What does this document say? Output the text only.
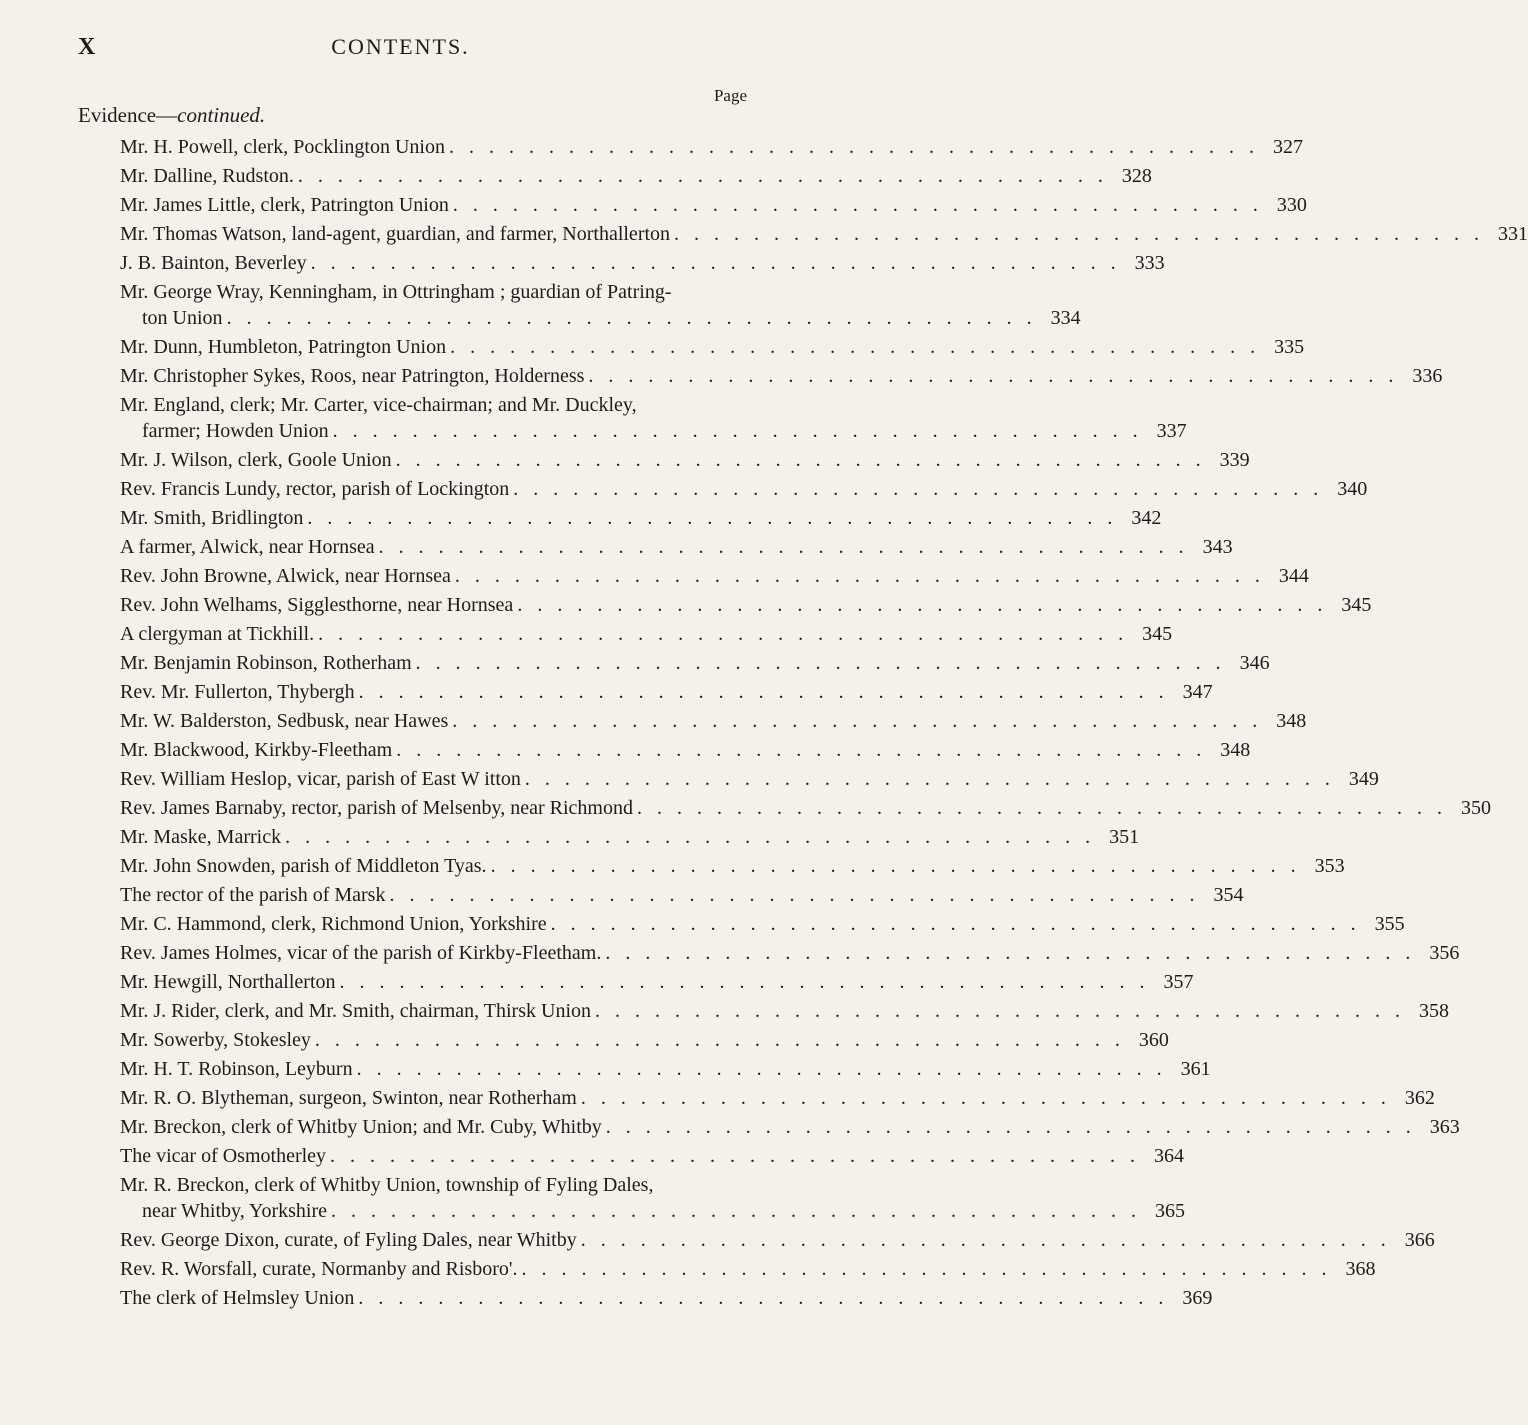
X	CONTENTS.
Page
Evidence—continued.
Mr. H. Powell, clerk, Pocklington Union . . . . . . . . . . . . . . . . . . . . . . . . . . . . . . . . . . . . . . . . . 327
Mr. Dalline, Rudston. . . . . . . . . . . . . . . . . . . . . . . . . . . . . . . . . . . . . . . . . . 328
Mr. James Little, clerk, Patrington Union . . . . . . . . . . . . . . . . . . . . . . . . . . . . . . . . . . . . . . . . . 330
Mr. Thomas Watson, land-agent, guardian, and farmer, Northallerton . . . . . . . . . . . . . . . . . . . . . . . . . . . . . . . . . . . . . . . . . 331
J. B. Bainton, Beverley . . . . . . . . . . . . . . . . . . . . . . . . . . . . . . . . . . . . . . . . . 333
Mr. George Wray, Kenningham, in Ottringham ; guardian of Patring-
ton Union . . . . . . . . . . . . . . . . . . . . . . . . . . . . . . . . . . . . . . . . . 334
Mr. Dunn, Humbleton, Patrington Union . . . . . . . . . . . . . . . . . . . . . . . . . . . . . . . . . . . . . . . . . 335
Mr. Christopher Sykes, Roos, near Patrington, Holderness . . . . . . . . . . . . . . . . . . . . . . . . . . . . . . . . . . . . . . . . . 336
Mr. England, clerk; Mr. Carter, vice-chairman; and Mr. Duckley,
farmer; Howden Union . . . . . . . . . . . . . . . . . . . . . . . . . . . . . . . . . . . . . . . . . 337
Mr. J. Wilson, clerk, Goole Union . . . . . . . . . . . . . . . . . . . . . . . . . . . . . . . . . . . . . . . . . 339
Rev. Francis Lundy, rector, parish of Lockington . . . . . . . . . . . . . . . . . . . . . . . . . . . . . . . . . . . . . . . . . 340
Mr. Smith, Bridlington . . . . . . . . . . . . . . . . . . . . . . . . . . . . . . . . . . . . . . . . . 342
A farmer, Alwick, near Hornsea . . . . . . . . . . . . . . . . . . . . . . . . . . . . . . . . . . . . . . . . . 343
Rev. John Browne, Alwick, near Hornsea . . . . . . . . . . . . . . . . . . . . . . . . . . . . . . . . . . . . . . . . . 344
Rev. John Welhams, Sigglesthorne, near Hornsea . . . . . . . . . . . . . . . . . . . . . . . . . . . . . . . . . . . . . . . . . 345
A clergyman at Tickhill. . . . . . . . . . . . . . . . . . . . . . . . . . . . . . . . . . . . . . . . . . 345
Mr. Benjamin Robinson, Rotherham . . . . . . . . . . . . . . . . . . . . . . . . . . . . . . . . . . . . . . . . . 346
Rev. Mr. Fullerton, Thybergh . . . . . . . . . . . . . . . . . . . . . . . . . . . . . . . . . . . . . . . . . 347
Mr. W. Balderston, Sedbusk, near Hawes . . . . . . . . . . . . . . . . . . . . . . . . . . . . . . . . . . . . . . . . . 348
Mr. Blackwood, Kirkby-Fleetham . . . . . . . . . . . . . . . . . . . . . . . . . . . . . . . . . . . . . . . . . 348
Rev. William Heslop, vicar, parish of East W itton . . . . . . . . . . . . . . . . . . . . . . . . . . . . . . . . . . . . . . . . . 349
Rev. James Barnaby, rector, parish of Melsenby, near Richmond . . . . . . . . . . . . . . . . . . . . . . . . . . . . . . . . . . . . . . . . . 350
Mr. Maske, Marrick . . . . . . . . . . . . . . . . . . . . . . . . . . . . . . . . . . . . . . . . . 351
Mr. John Snowden, parish of Middleton Tyas. . . . . . . . . . . . . . . . . . . . . . . . . . . . . . . . . . . . . . . . . . 353
The rector of the parish of Marsk . . . . . . . . . . . . . . . . . . . . . . . . . . . . . . . . . . . . . . . . . 354
Mr. C. Hammond, clerk, Richmond Union, Yorkshire . . . . . . . . . . . . . . . . . . . . . . . . . . . . . . . . . . . . . . . . . 355
Rev. James Holmes, vicar of the parish of Kirkby-Fleetham. . . . . . . . . . . . . . . . . . . . . . . . . . . . . . . . . . . . . . . . . . 356
Mr. Hewgill, Northallerton . . . . . . . . . . . . . . . . . . . . . . . . . . . . . . . . . . . . . . . . . 357
Mr. J. Rider, clerk, and Mr. Smith, chairman, Thirsk Union . . . . . . . . . . . . . . . . . . . . . . . . . . . . . . . . . . . . . . . . . 358
Mr. Sowerby, Stokesley . . . . . . . . . . . . . . . . . . . . . . . . . . . . . . . . . . . . . . . . . 360
Mr. H. T. Robinson, Leyburn . . . . . . . . . . . . . . . . . . . . . . . . . . . . . . . . . . . . . . . . . 361
Mr. R. O. Blytheman, surgeon, Swinton, near Rotherham . . . . . . . . . . . . . . . . . . . . . . . . . . . . . . . . . . . . . . . . . 362
Mr. Breckon, clerk of Whitby Union; and Mr. Cuby, Whitby . . . . . . . . . . . . . . . . . . . . . . . . . . . . . . . . . . . . . . . . . 363
The vicar of Osmotherley . . . . . . . . . . . . . . . . . . . . . . . . . . . . . . . . . . . . . . . . . 364
Mr. R. Breckon, clerk of Whitby Union, township of Fyling Dales,
near Whitby, Yorkshire . . . . . . . . . . . . . . . . . . . . . . . . . . . . . . . . . . . . . . . . . 365
Rev. George Dixon, curate, of Fyling Dales, near Whitby . . . . . . . . . . . . . . . . . . . . . . . . . . . . . . . . . . . . . . . . . 366
Rev. R. Worsfall, curate, Normanby and Risboro'. . . . . . . . . . . . . . . . . . . . . . . . . . . . . . . . . . . . . . . . . . 368
The clerk of Helmsley Union . . . . . . . . . . . . . . . . . . . . . . . . . . . . . . . . . . . . . . . . . 369
